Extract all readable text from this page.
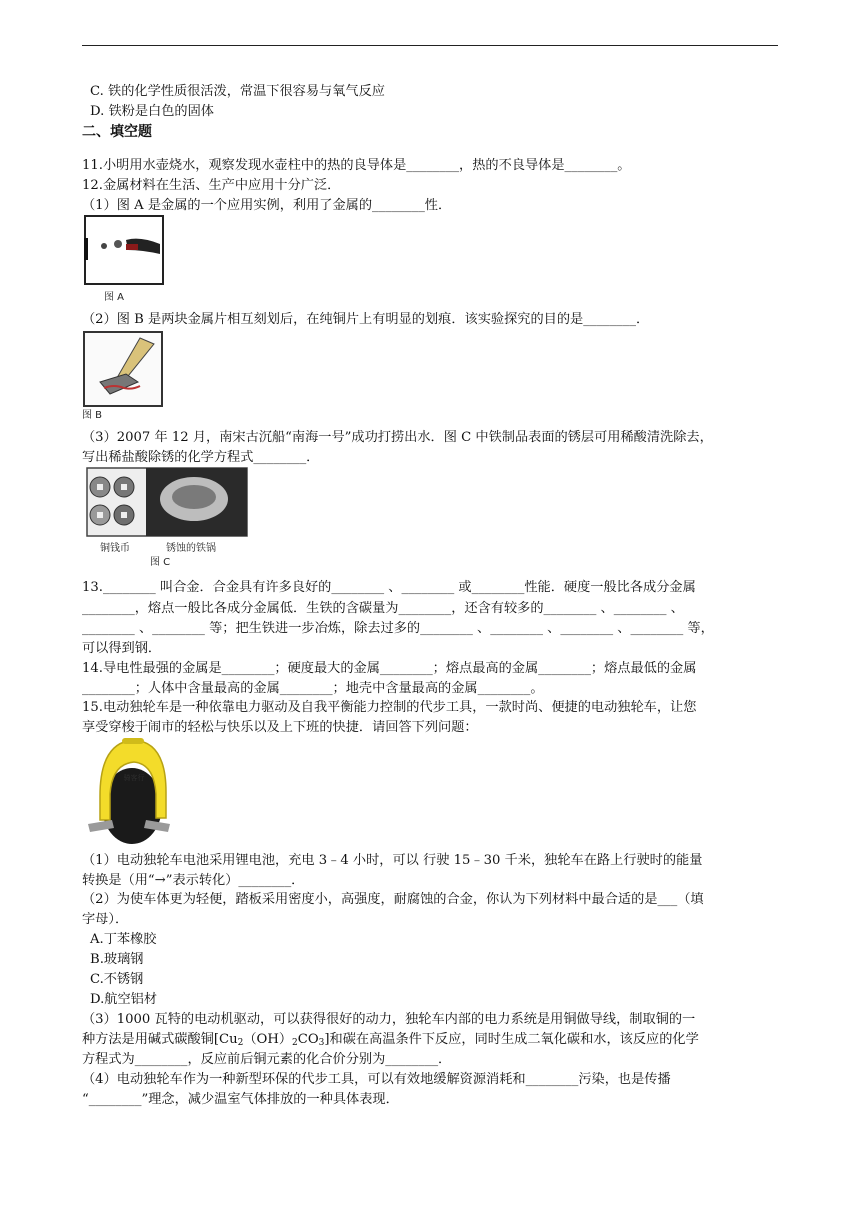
C. 铁的化学性质很活泼，常温下很容易与氧气反应
D. 铁粉是白色的固体
二、填空题
11.小明用水壶烧水，观察发现水壶柱中的热的良导体是________，热的不良导体是________。
12.金属材料在生活、生产中应用十分广泛．
（1）图 A 是金属的一个应用实例，利用了金属的________性．
图 A
（2）图 B 是两块金属片相互刻划后，在纯铜片上有明显的划痕．该实验探究的目的是________．
图 B
（3）2007 年 12 月，南宋古沉船“南海一号”成功打捞出水．图 C 中铁制品表面的锈层可用稀酸清洗除去，
写出稀盐酸除锈的化学方程式________．
铜钱币	锈蚀的铁锅
图 C
13.________ 叫合金．合金具有许多良好的________ 、________ 或________性能．硬度一般比各成分金属
________，熔点一般比各成分金属低．生铁的含碳量为________，还含有较多的________ 、________ 、
________ 、________ 等；把生铁进一步冶炼，除去过多的________ 、________ 、________ 、________ 等，
可以得到钢．
14.导电性最强的金属是________；硬度最大的金属________；熔点最高的金属________；熔点最低的金属
________；人体中含量最高的金属________；地壳中含量最高的金属________。
15.电动独轮车是一种依靠电力驱动及自我平衡能力控制的代步工具，一款时尚、便捷的电动独轮车，让您
享受穿梭于闹市的轻松与快乐以及上下班的快捷．请回答下列问题：
骑客行
（1）电动独轮车电池采用锂电池，充电 3﹣4 小时，可以 行驶 15﹣30 千米，独轮车在路上行驶时的能量
转换是（用“→”表示转化）________．
（2）为使车体更为轻便，踏板采用密度小，高强度，耐腐蚀的合金，你认为下列材料中最合适的是___（填
字母）．
A.丁苯橡胶
B.玻璃钢
C.不锈钢
D.航空铝材
（3）1000 瓦特的电动机驱动，可以获得很好的动力，独轮车内部的电力系统是用铜做导线，制取铜的一
种方法是用碱式碳酸铜$[Cu_2(OH)_2CO_3]$和碳在高温条件下反应，同时生成二氧化碳和水，该反应的化学
方程式为________，反应前后铜元素的化合价分别为________．
（4）电动独轮车作为一种新型环保的代步工具，可以有效地缓解资源消耗和________污染，也是传播
“________”理念，减少温室气体排放的一种具体表现．
